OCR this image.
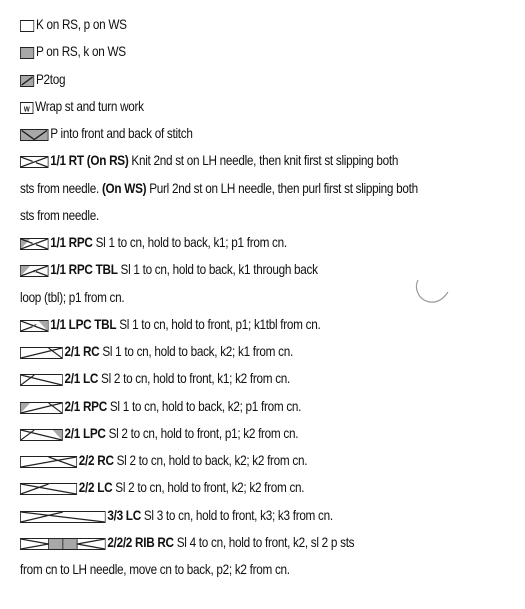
K on RS, p on WS
P on RS, k on WS
P2tog
w Wrap st and turn work
P into front and back of stitch
1/1 RT (On RS) Knit 2nd st on LH needle, then knit first st slipping both
sts from needle. (On WS) Purl 2nd st on LH needle, then purl first st slipping both
sts from needle.
1/1 RPC Sl 1 to cn, hold to back, k1; p1 from cn.
∝ 1/1 RPC TBL Sl 1 to cn, hold to back, k1 through back
loop (tbl); p1 from cn.
∝ 1/1 LPC TBL Sl 1 to cn, hold to front, p1; k1tbl from cn.
2/1 RC Sl 1 to cn, hold to back, k2; k1 from cn.
2/1 LC Sl 2 to cn, hold to front, k1; k2 from cn.
2/1 RPC Sl 1 to cn, hold to back, k2; p1 from cn.
2/1 LPC Sl 2 to cn, hold to front, p1; k2 from cn.
2/2 RC Sl 2 to cn, hold to back, k2; k2 from cn.
2/2 LC Sl 2 to cn, hold to front, k2; k2 from cn.
3/3 LC Sl 3 to cn, hold to front, k3; k3 from cn.
2/2/2 RIB RC Sl 4 to cn, hold to front, k2, sl 2 p sts
from cn to LH needle, move cn to back, p2; k2 from cn.
